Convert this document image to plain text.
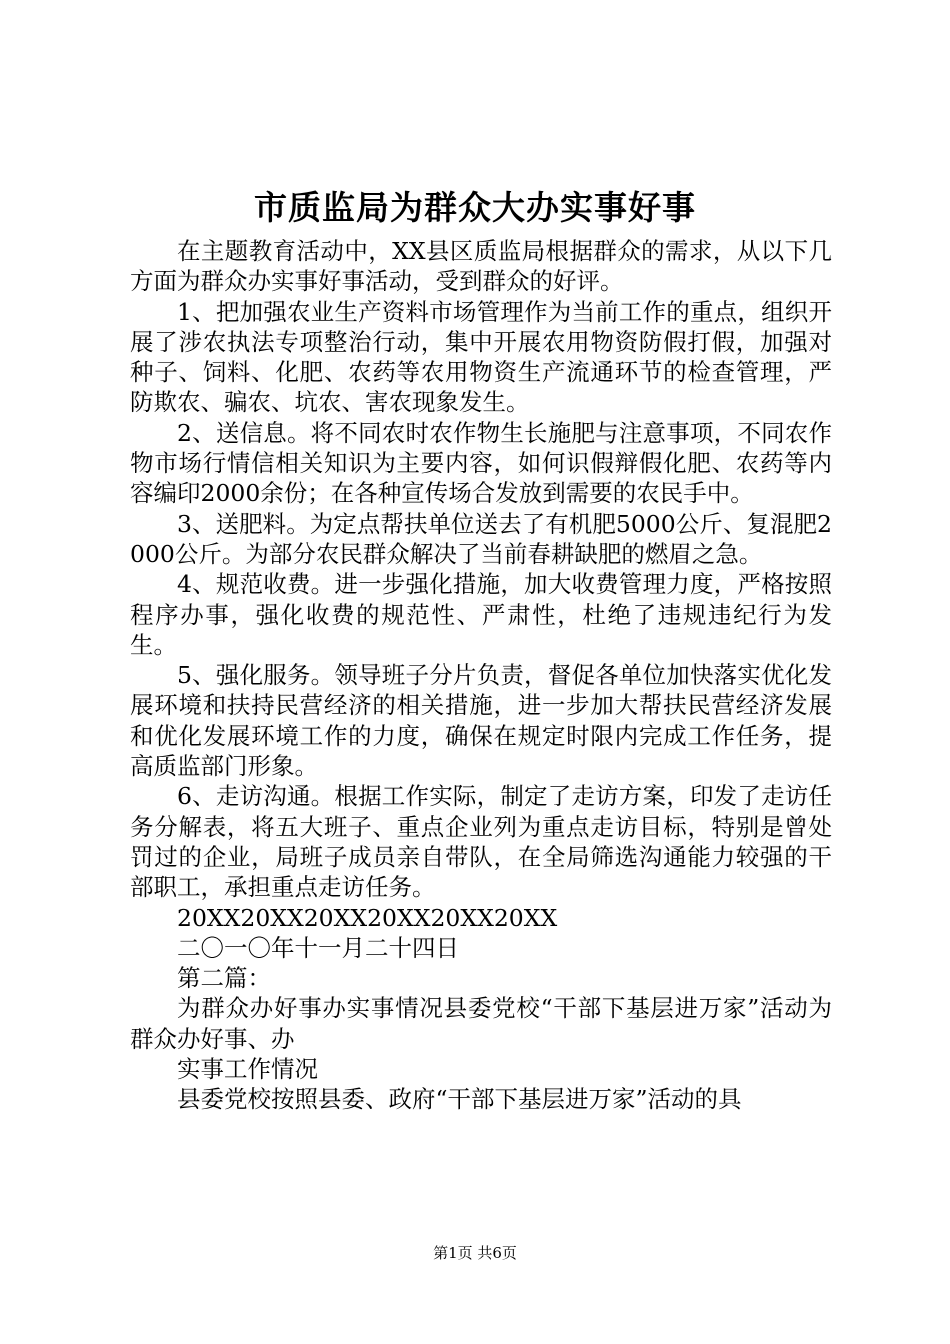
市质监局为群众大办实事好事

在主题教育活动中，XX县区质监局根据群众的需求，从以下几方面为群众办实事好事活动，受到群众的好评。

1、把加强农业生产资料市场管理作为当前工作的重点，组织开展了涉农执法专项整治行动，集中开展农用物资防假打假，加强对种子、饲料、化肥、农药等农用物资生产流通环节的检查管理，严防欺农、骗农、坑农、害农现象发生。

2、送信息。将不同农时农作物生长施肥与注意事项，不同农作物市场行情信相关知识为主要内容，如何识假辩假化肥、农药等内容编印2000余份；在各种宣传场合发放到需要的农民手中。

3、送肥料。为定点帮扶单位送去了有机肥5000公斤、复混肥2000公斤。为部分农民群众解决了当前春耕缺肥的燃眉之急。

4、规范收费。进一步强化措施，加大收费管理力度，严格按照程序办事，强化收费的规范性、严肃性，杜绝了违规违纪行为发生。

5、强化服务。领导班子分片负责，督促各单位加快落实优化发展环境和扶持民营经济的相关措施，进一步加大帮扶民营经济发展和优化发展环境工作的力度，确保在规定时限内完成工作任务，提高质监部门形象。

6、走访沟通。根据工作实际，制定了走访方案，印发了走访任务分解表，将五大班子、重点企业列为重点走访目标，特别是曾处罚过的企业，局班子成员亲自带队，在全局筛选沟通能力较强的干部职工，承担重点走访任务。

20XX20XX20XX20XX20XX20XX

二〇一〇年十一月二十四日

第二篇：

为群众办好事办实事情况县委党校“干部下基层进万家”活动为群众办好事、办

实事工作情况

县委党校按照县委、政府“干部下基层进万家”活动的具

第1页 共6页
